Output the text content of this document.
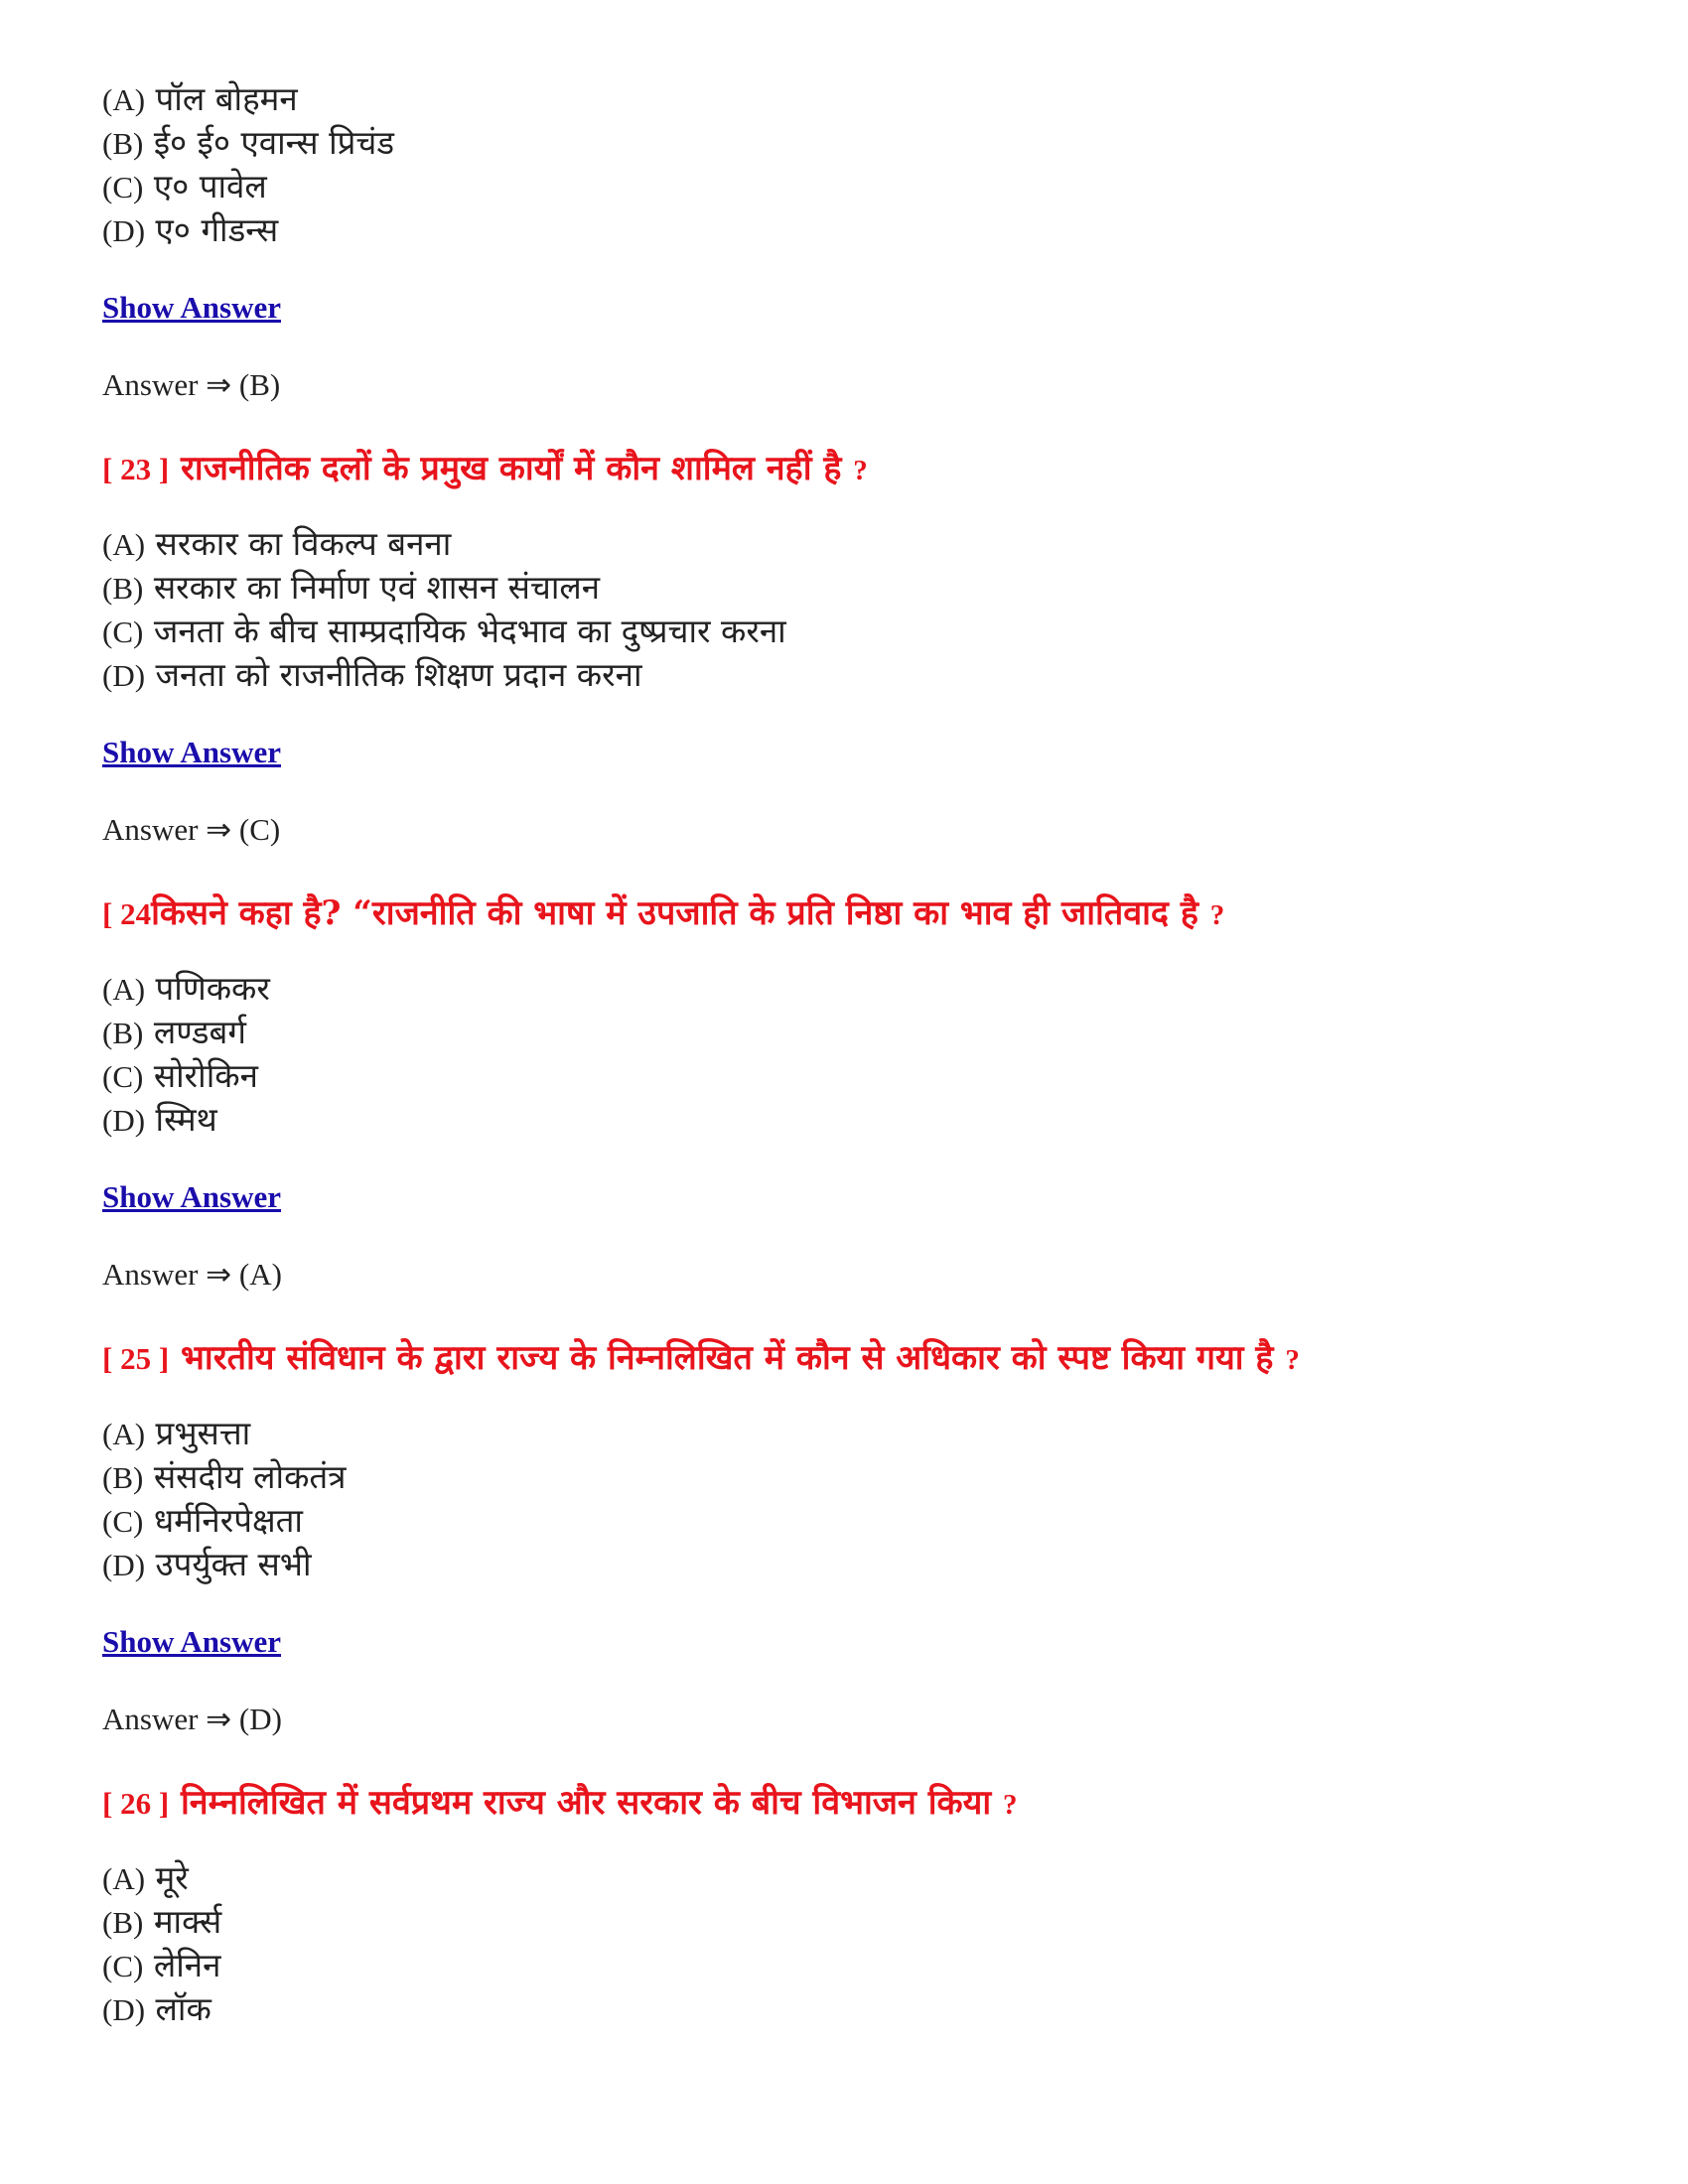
(A) पॉल बोहमन
(B) ई० ई० एवान्स प्रिचंड
(C) ए० पावेल
(D) ए० गीडन्स
Show Answer
Answer ⇒ (B)
[ 23 ] राजनीतिक दलों के प्रमुख कार्यों में कौन शामिल नहीं है ?
(A) सरकार का विकल्प बनना
(B) सरकार का निर्माण एवं शासन संचालन
(C) जनता के बीच साम्प्रदायिक भेदभाव का दुष्प्रचार करना
(D) जनता को राजनीतिक शिक्षण प्रदान करना
Show Answer
Answer ⇒ (C)
[ 24किसने कहा है? “राजनीति की भाषा में उपजाति के प्रति निष्ठा का भाव ही जातिवाद है ?
(A) पणिककर
(B) लण्डबर्ग
(C) सोरोकिन
(D) स्मिथ
Show Answer
Answer ⇒ (A)
[ 25 ] भारतीय संविधान के द्वारा राज्य के निम्नलिखित में कौन से अधिकार को स्पष्ट किया गया है ?
(A) प्रभुसत्ता
(B) संसदीय लोकतंत्र
(C) धर्मनिरपेक्षता
(D) उपर्युक्त सभी
Show Answer
Answer ⇒ (D)
[ 26 ] निम्नलिखित में सर्वप्रथम राज्य और सरकार के बीच विभाजन किया ?
(A) मूरे
(B) मार्क्स
(C) लेनिन
(D) लॉक
